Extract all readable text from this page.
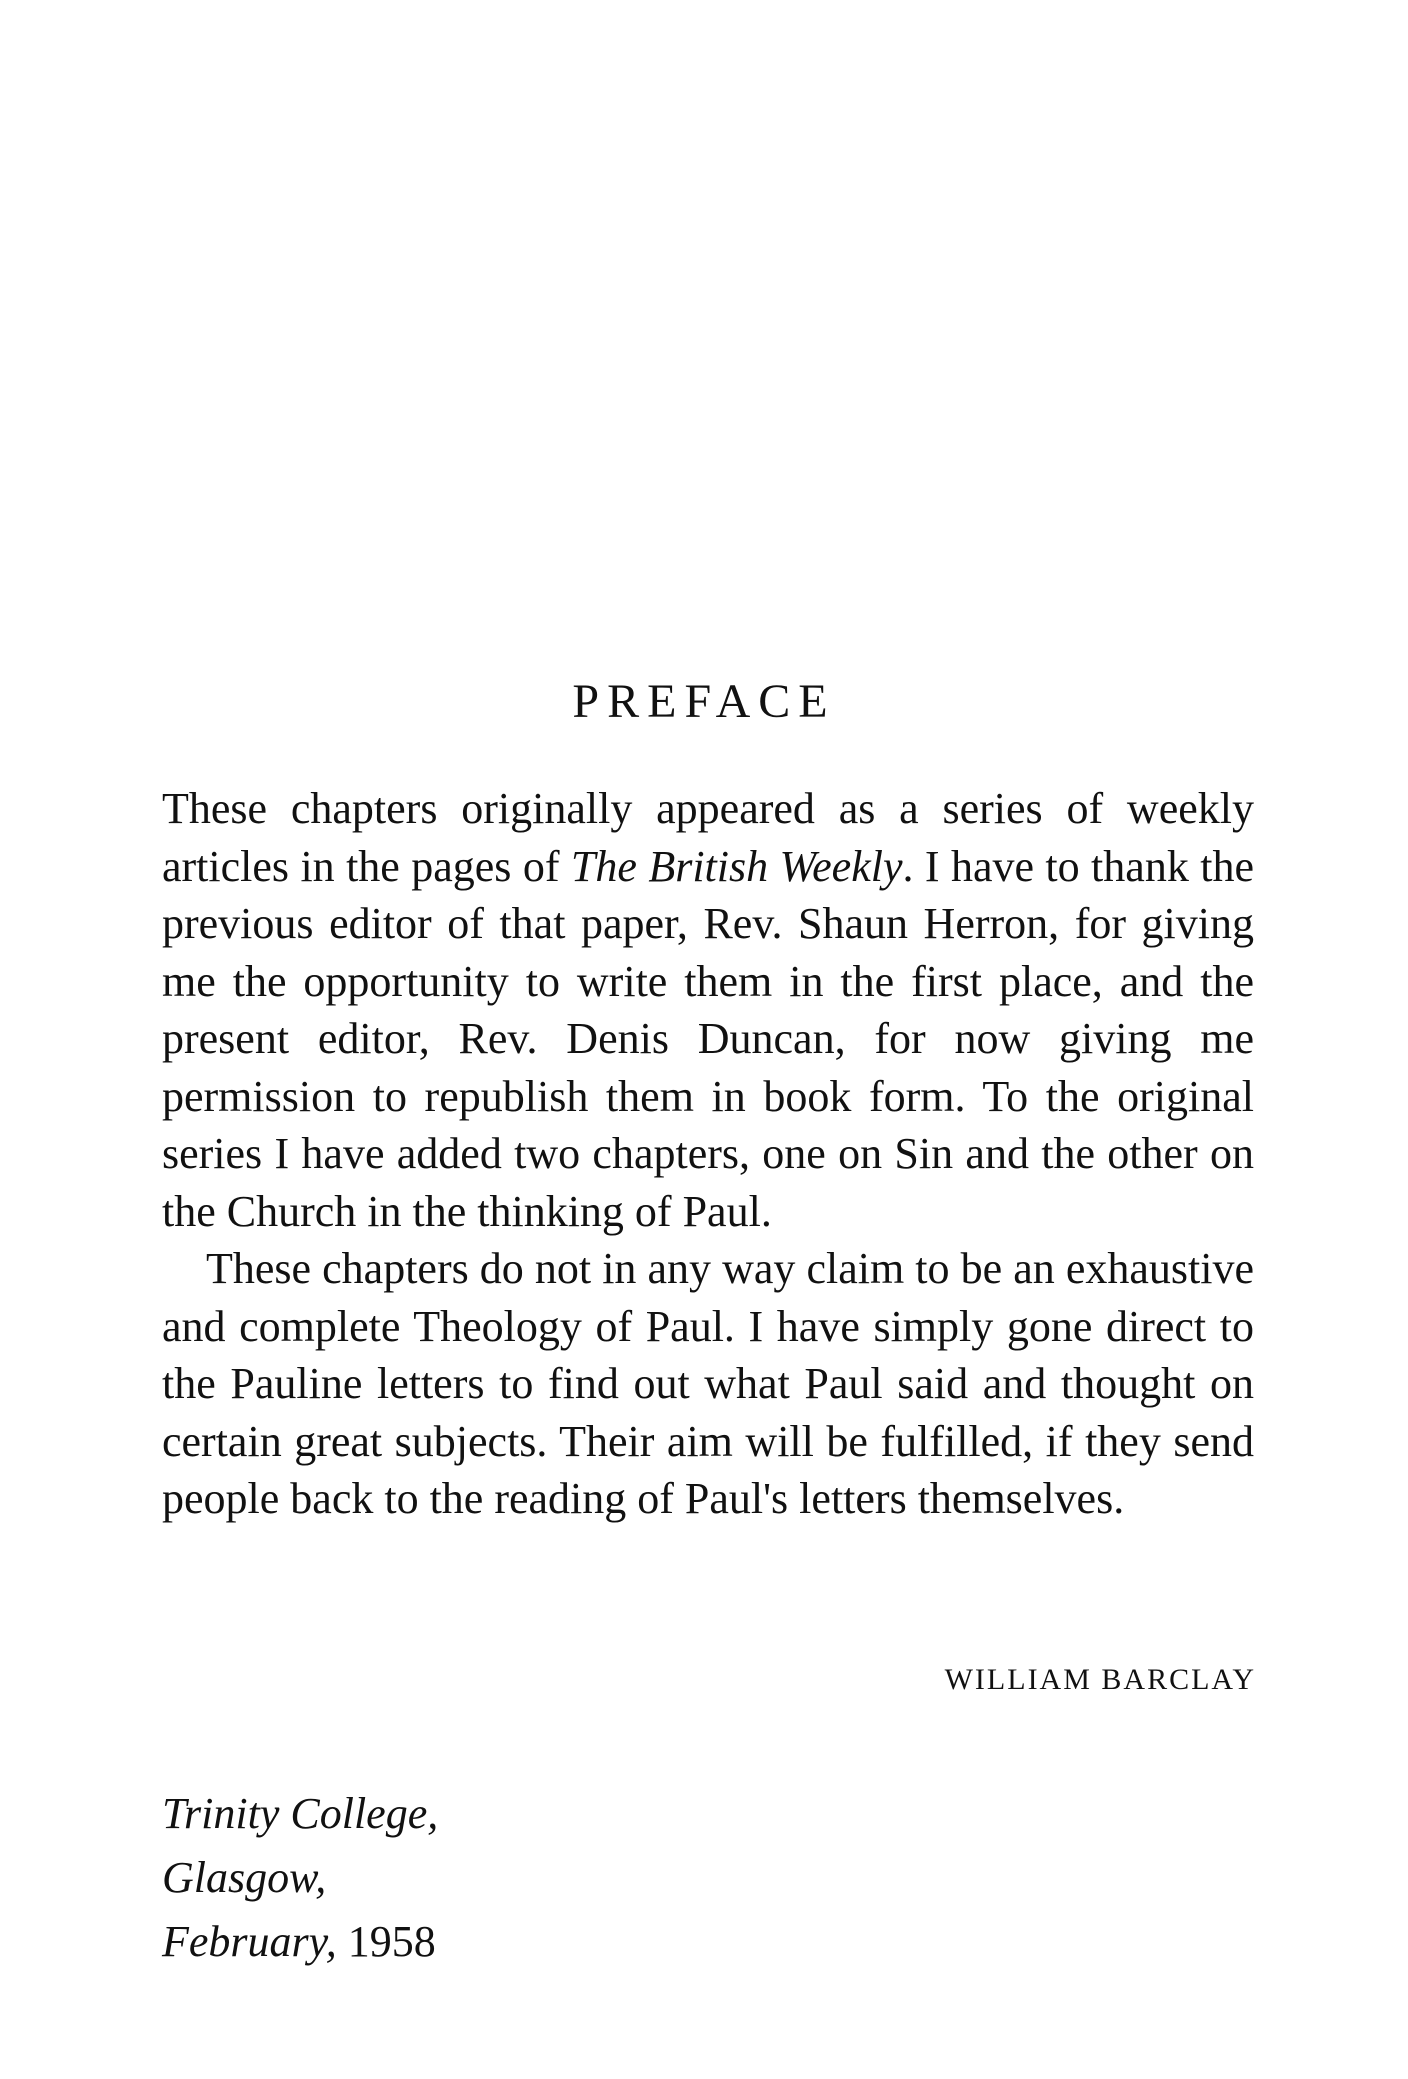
PREFACE

These chapters originally appeared as a series of weekly articles in the pages of The British Weekly. I have to thank the previous editor of that paper, Rev. Shaun Herron, for giving me the opportunity to write them in the first place, and the present editor, Rev. Denis Duncan, for now giving me permission to republish them in book form. To the original series I have added two chapters, one on Sin and the other on the Church in the thinking of Paul.

These chapters do not in any way claim to be an exhaustive and complete Theology of Paul. I have simply gone direct to the Pauline letters to find out what Paul said and thought on certain great subjects. Their aim will be fulfilled, if they send people back to the reading of Paul's letters themselves.

WILLIAM BARCLAY
Trinity College,
Glasgow,
February, 1958
